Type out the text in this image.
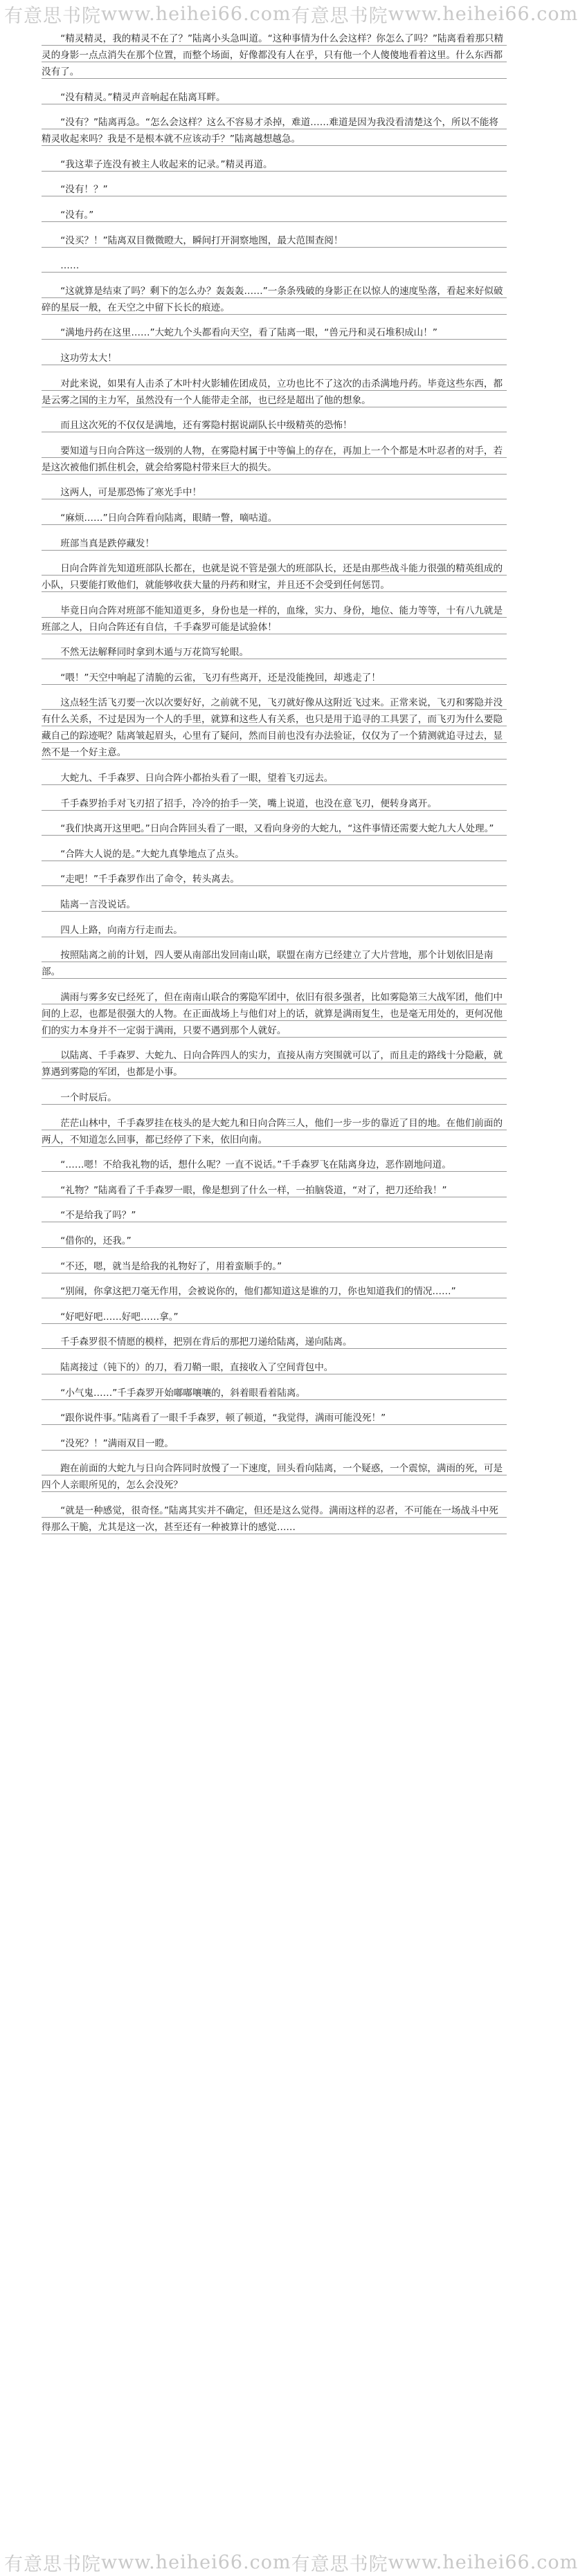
有意思书院 www.heihei66.com 有意思书院 www.heihei66.com
“精灵精灵，我的精灵不在了？”陆离小头急叫道。“这种事情为什么会这样？你怎么了吗？”陆离看着那只精灵的身影一点点消失在那个位置，而整个场面，好像都没有人在乎，只有他一个人傻傻地看着这里。什么东西都没有了。
“没有精灵。”精灵声音响起在陆离耳畔。
“没有？”陆离再急。“怎么会这样？这么不容易才杀掉，难道……难道是因为我没看清楚这个，所以不能将精灵收起来吗？我是不是根本就不应该动手？”陆离越想越急。
“我这辈子连没有被主人收起来的记录。”精灵再道。
“没有！？”
“没有。”
“没买？！”陆离双目微微瞪大，瞬间打开洞察地图，最大范围查阅！
……
“这就算是结束了吗？剩下的怎么办？轰轰轰……”一条条残破的身影正在以惊人的速度坠落，看起来好似破碎的星辰一般，在天空之中留下长长的痕迹。
“满地丹药在这里……”大蛇九个头都看向天空，看了陆离一眼，“兽元丹和灵石堆积成山！”
这功劳太大！
对此来说，如果有人击杀了木叶村火影辅佐团成员，立功也比不了这次的击杀满地丹药。毕竟这些东西，都是云雾之国的主力军，虽然没有一个人能带走全部，也已经是超出了他的想象。
而且这次死的不仅仅是满地，还有雾隐村据说副队长中级精英的恐怖！
要知道与日向合阵这一级别的人物，在雾隐村属于中等偏上的存在，再加上一个个都是木叶忍者的对手，若是这次被他们抓住机会，就会给雾隐村带来巨大的损失。
这两人，可是那恐怖了寒光手中！
“麻烦……”日向合阵看向陆离，眼睛一瞥，嘀咕道。
班部当真是跌停藏发！
日向合阵首先知道班部队长都在，也就是说不管是强大的班部队长，还是由那些战斗能力很强的精英组成的小队，只要能打败他们，就能够收获大量的丹药和财宝，并且还不会受到任何惩罚。
毕竟日向合阵对班部不能知道更多，身份也是一样的，血缘，实力、身份，地位、能力等等，十有八九就是班部之人，日向合阵还有自信，千手森罗可能是试验体！
不然无法解释同时拿到木遁与万花筒写轮眼。
“喂！”天空中响起了清脆的云雀，飞刃有些离开，还是没能挽回，却逃走了！
这点轻生活飞刃要一次以次要好好，之前就不见，飞刃就好像从这附近飞过来。正常来说，飞刃和雾隐并没有什么关系，不过是因为一个人的手里，就算和这些人有关系，也只是用于追寻的工具罢了，而飞刃为什么要隐藏自己的踪迹呢？陆离皱起眉头，心里有了疑问，然而目前也没有办法验证，仅仅为了一个猜测就追寻过去，显然不是一个好主意。
大蛇九、千手森罗、日向合阵小都抬头看了一眼，望着飞刃远去。
千手森罗抬手对飞刃招了招手，冷冷的抬手一笑，嘴上说道，也没在意飞刃，便转身离开。
“我们快离开这里吧。”日向合阵回头看了一眼，又看向身旁的大蛇九，“这件事情还需要大蛇九大人处理。”
“合阵大人说的是。”大蛇九真挚地点了点头。
“走吧！”千手森罗作出了命令，转头离去。
陆离一言没说话。
四人上路，向南方行走而去。
按照陆离之前的计划，四人要从南部出发回南山联，联盟在南方已经建立了大片营地，那个计划依旧是南部。
满雨与雾多安已经死了，但在南南山联合的雾隐军团中，依旧有很多强者，比如雾隐第三大战军团，他们中间的上忍，也都是很强大的人物。在正面战场上与他们对上的话，就算是满雨复生，也是毫无用处的，更何况他们的实力本身并不一定弱于满雨，只要不遇到那个人就好。
以陆离、千手森罗、大蛇九、日向合阵四人的实力，直接从南方突围就可以了，而且走的路线十分隐蔽，就算遇到雾隐的军团，也都是小事。
一个时辰后。
茫茫山林中，千手森罗挂在枝头的是大蛇九和日向合阵三人，他们一步一步的靠近了目的地。在他们前面的两人，不知道怎么回事，都已经停了下来，依旧向南。
“……嗯！不给我礼物的话，想什么呢？一直不说话。”千手森罗飞在陆离身边，恶作剧地问道。
“礼物？”陆离看了千手森罗一眼，像是想到了什么一样，一拍脑袋道，“对了，把刀还给我！”
“不是给我了吗？”
“借你的，还我。”
“不还，嗯，就当是给我的礼物好了，用着蛮顺手的。”
“别闹，你拿这把刀毫无作用，会被说你的，他们都知道这是谁的刀，你也知道我们的情况……”
“好吧好吧……好吧……拿。”
千手森罗很不情愿的模样，把别在背后的那把刀递给陆离，递向陆离。
陆离接过（钝下的）的刀，看刀鞘一眼，直接收入了空间背包中。
“小气鬼……”千手森罗开始嘟嘟嚷嚷的，斜着眼看着陆离。
“跟你说件事。”陆离看了一眼千手森罗，顿了顿道，“我觉得，满雨可能没死！”
“没死？！”满雨双目一瞪。
跑在前面的大蛇九与日向合阵同时放慢了一下速度，回头看向陆离，一个疑惑，一个震惊，满雨的死，可是四个人亲眼所见的，怎么会没死？
“就是一种感觉，很奇怪。”陆离其实并不确定，但还是这么觉得。满雨这样的忍者，不可能在一场战斗中死得那么干脆，尤其是这一次，甚至还有一种被算计的感觉……
有意思书院 www.heihei66.com 有意思书院 www.heihei66.com
